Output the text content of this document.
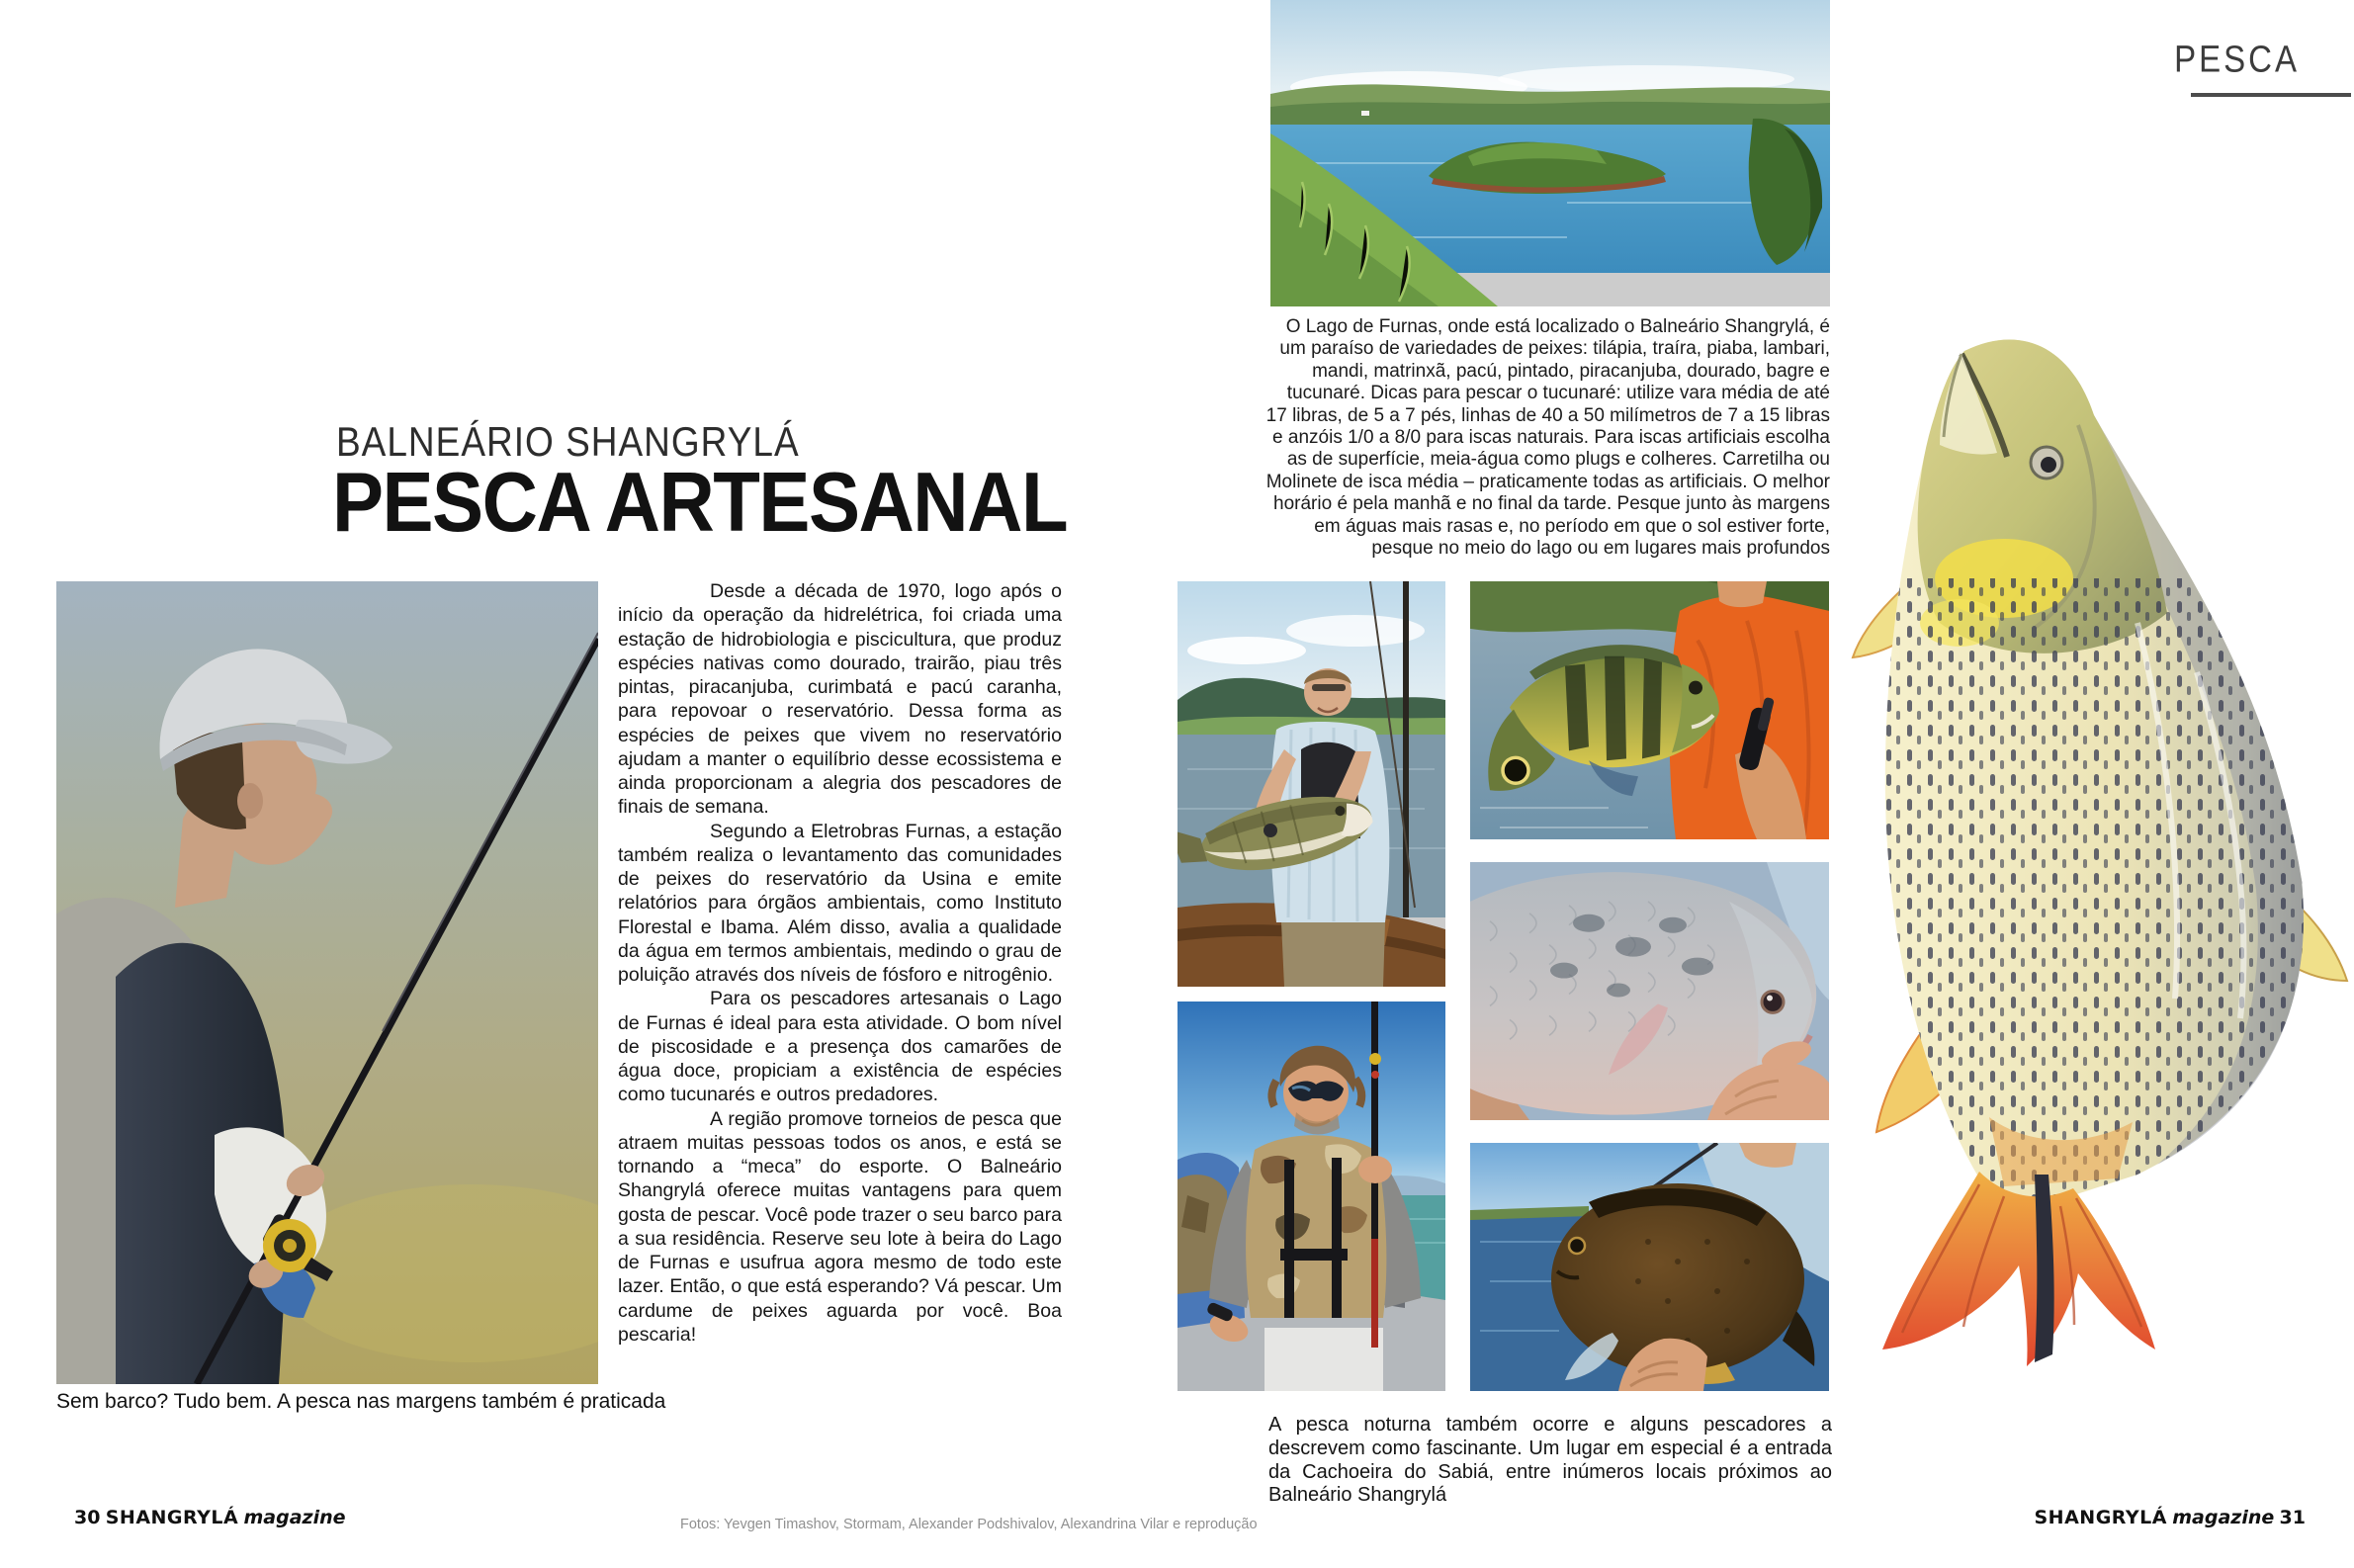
BALNEÁRIO SHANGRYLÁ
PESCA ARTESANAL
Sem barco? Tudo bem. A pesca nas margens também é praticada

Desde a década de 1970, logo após o início da operação da hidrelétrica, foi criada uma estação de hidrobiologia e piscicultura, que produz espécies nativas como dourado, trairão, piau três pintas, piracanjuba, curimbatá e pacú caranha, para repovoar o reservatório. Dessa forma as espécies de peixes que vivem no reservatório ajudam a manter o equilíbrio desse ecossistema e ainda proporcionam a alegria dos pescadores de finais de semana.

Segundo a Eletrobras Furnas, a estação também realiza o levantamento das comunidades de peixes do reservatório da Usina e emite relatórios para órgãos ambientais, como Instituto Florestal e Ibama. Além disso, avalia a qualidade da água em termos ambientais, medindo o grau de poluição através dos níveis de fósforo e nitrogênio.

Para os pescadores artesanais o Lago de Furnas é ideal para esta atividade. O bom nível de piscosidade e a presença dos camarões de água doce, propiciam a existência de espécies como tucunarés e outros predadores.

A região promove torneios de pesca que atraem muitas pessoas todos os anos, e está se tornando a “meca” do esporte. O Balneário Shangrylá oferece muitas vantagens para quem gosta de pescar. Você pode trazer o seu barco para a sua residência. Reserve seu lote à beira do Lago de Furnas e usufrua agora mesmo de todo este lazer. Então, o que está esperando? Vá pescar. Um cardume de peixes aguarda por você. Boa pescaria!

30 SHANGRYLÁ magazine	Fotos: Yevgen Timashov, Stormam, Alexander Podshivalov, Alexandrina Vilar e reprodução
PESCA
O Lago de Furnas, onde está localizado o Balneário Shangrylá, é um paraíso de variedades de peixes: tilápia, traíra, piaba, lambari, mandi, matrinxã, pacú, pintado, piracanjuba, dourado, bagre e tucunaré. Dicas para pescar o tucunaré: utilize vara média de até 17 libras, de 5 a 7 pés, linhas de 40 a 50 milímetros de 7 a 15 libras e anzóis 1/0 a 8/0 para iscas naturais. Para iscas artificiais escolha as de superfície, meia-água como plugs e colheres. Carretilha ou Molinete de isca média – praticamente todas as artificiais. O melhor horário é pela manhã e no final da tarde. Pesque junto às margens em águas mais rasas e, no período em que o sol estiver forte, pesque no meio do lago ou em lugares mais profundos
A pesca noturna também ocorre e alguns pescadores a descrevem como fascinante. Um lugar em especial é a entrada da Cachoeira do Sabiá, entre inúmeros locais próximos ao Balneário Shangrylá
SHANGRYLÁ magazine 31
